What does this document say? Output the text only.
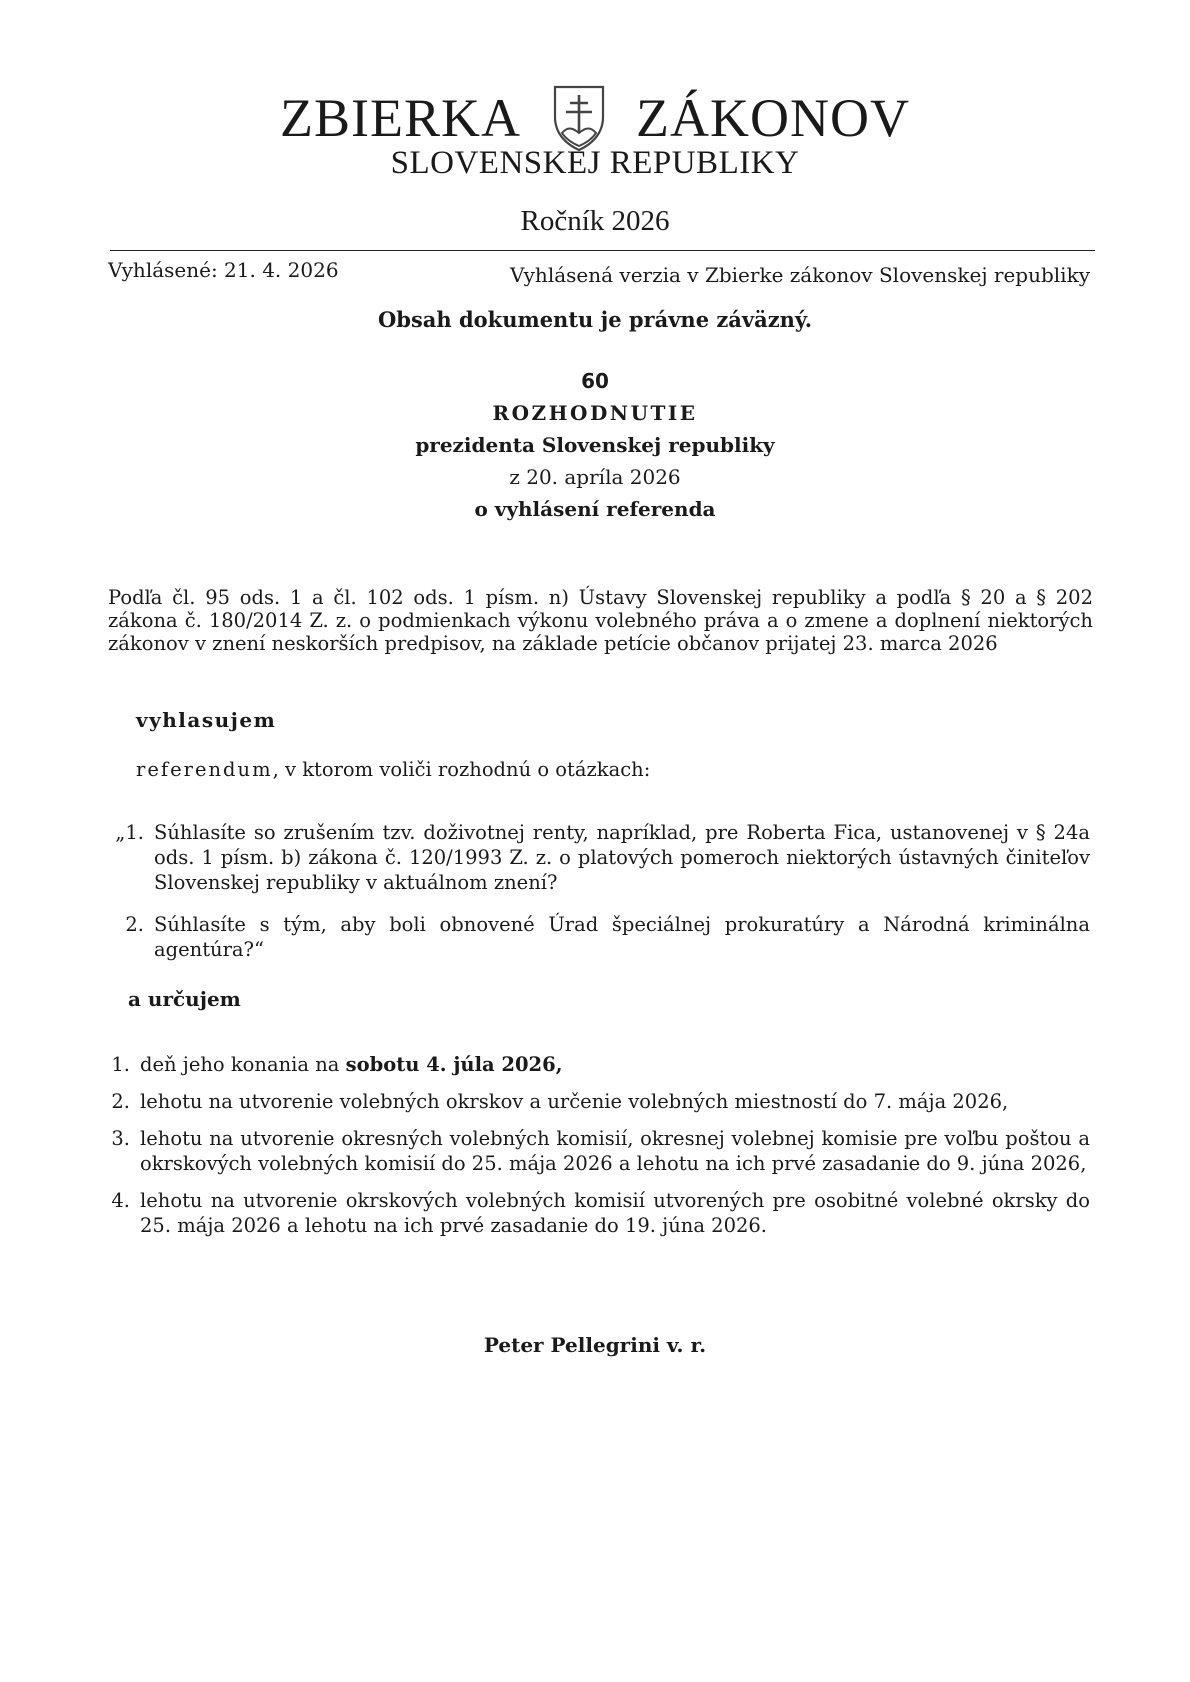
ZBIERKA ZÁKONOV
SLOVENSKEJ REPUBLIKY
Ročník 2026
Vyhlásené: 21. 4. 2026	Vyhlásená verzia v Zbierke zákonov Slovenskej republiky
Obsah dokumentu je právne záväzný.
60
ROZHODNUTIE
prezidenta Slovenskej republiky
z 20. apríla 2026
o vyhlásení referenda
Podľa čl. 95 ods. 1 a čl. 102 ods. 1 písm. n) Ústavy Slovenskej republiky a podľa § 20 a § 202 zákona č. 180/2014 Z. z. o podmienkach výkonu volebného práva a o zmene a doplnení niektorých zákonov v znení neskorších predpisov, na základe petície občanov prijatej 23. marca 2026
vyhlasujem
referendum, v ktorom voliči rozhodnú o otázkach:
„1. Súhlasíte so zrušením tzv. doživotnej renty, napríklad, pre Roberta Fica, ustanovenej v § 24a ods. 1 písm. b) zákona č. 120/1993 Z. z. o platových pomeroch niektorých ústavných činiteľov Slovenskej republiky v aktuálnom znení?
2. Súhlasíte s tým, aby boli obnovené Úrad špeciálnej prokuratúry a Národná kriminálna agentúra?“
a určujem
1. deň jeho konania na sobotu 4. júla 2026,
2. lehotu na utvorenie volebných okrskov a určenie volebných miestností do 7. mája 2026,
3. lehotu na utvorenie okresných volebných komisií, okresnej volebnej komisie pre voľbu poštou a okrskových volebných komisií do 25. mája 2026 a lehotu na ich prvé zasadanie do 9. júna 2026,
4. lehotu na utvorenie okrskových volebných komisií utvorených pre osobitné volebné okrsky do 25. mája 2026 a lehotu na ich prvé zasadanie do 19. júna 2026.
Peter Pellegrini v. r.
